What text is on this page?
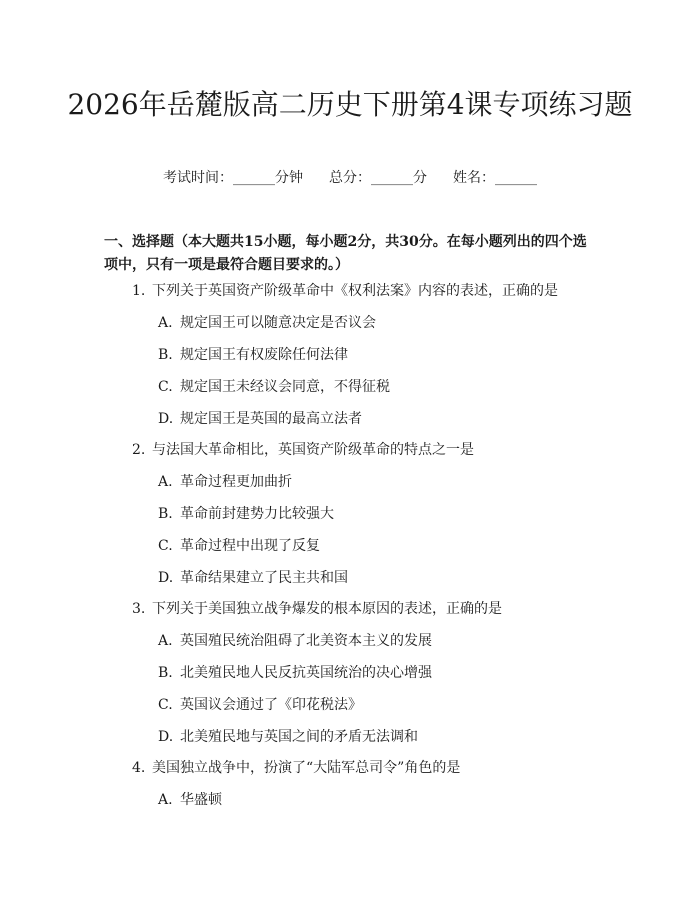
2026年岳麓版高二历史下册第4课专项练习题
考试时间：______分钟 总分：______分 姓名：______
一、选择题（本大题共15小题，每小题2分，共30分。在每小题列出的四个选项中，只有一项是最符合题目要求的。）
1. 下列关于英国资产阶级革命中《权利法案》内容的表述，正确的是
A. 规定国王可以随意决定是否议会
B. 规定国王有权废除任何法律
C. 规定国王未经议会同意，不得征税
D. 规定国王是英国的最高立法者
2. 与法国大革命相比，英国资产阶级革命的特点之一是
A. 革命过程更加曲折
B. 革命前封建势力比较强大
C. 革命过程中出现了反复
D. 革命结果建立了民主共和国
3. 下列关于美国独立战争爆发的根本原因的表述，正确的是
A. 英国殖民统治阻碍了北美资本主义的发展
B. 北美殖民地人民反抗英国统治的决心增强
C. 英国议会通过了《印花税法》
D. 北美殖民地与英国之间的矛盾无法调和
4. 美国独立战争中，扮演了“大陆军总司令”角色的是
A. 华盛顿
